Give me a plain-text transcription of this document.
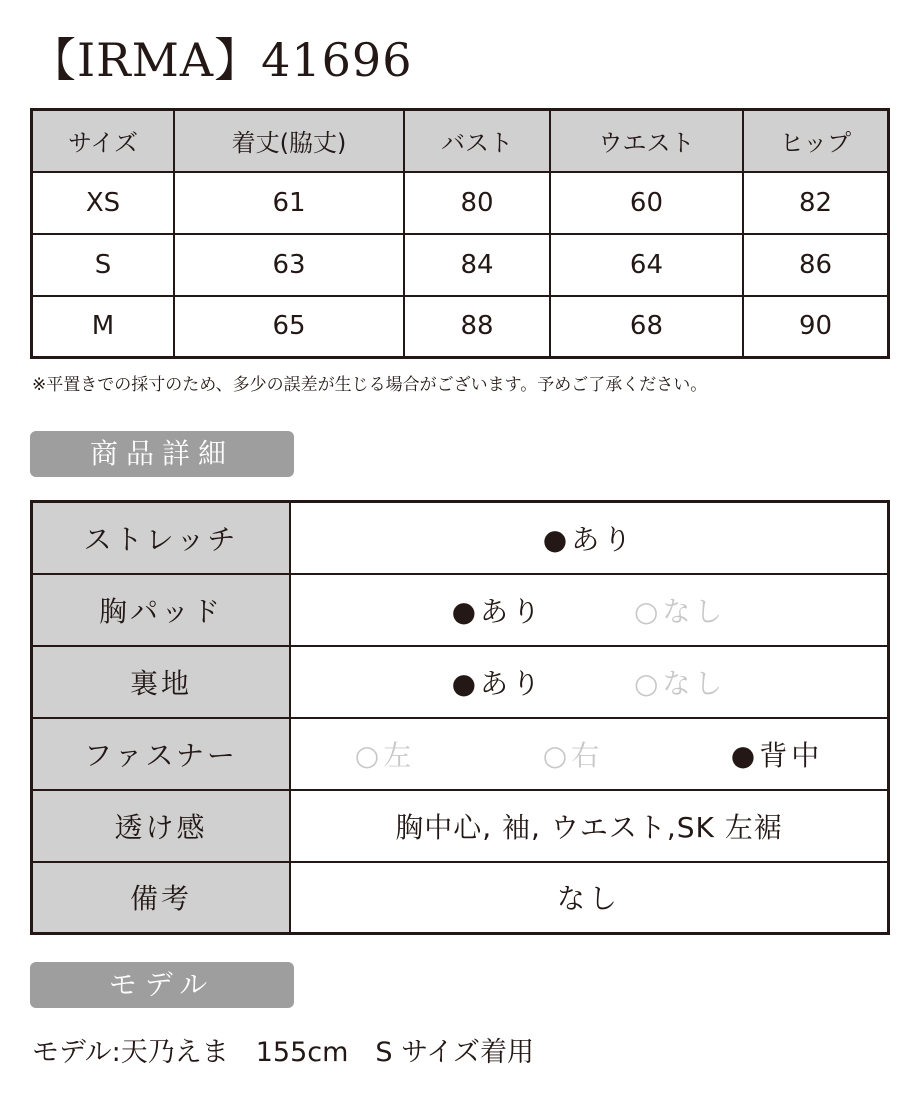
【IRMA】41696
サイズ	着丈(脇丈)	バスト	ウエスト	ヒップ
XS	61	80	60	82
S	63	84	64	86
M	65	88	68	90
※平置きでの採寸のため、多少の誤差が生じる場合がございます。予めご了承ください。
商品詳細
ストレッチ	●あり
胸パッド	●あり ○なし

裏地	●あり ○なし

ファスナー	○左 ○右 ●背中

透け感	胸中心, 袖, ウエスト,SK 左裾
備考	なし
モデル
モデル:天乃えま　155cm　S サイズ着用
